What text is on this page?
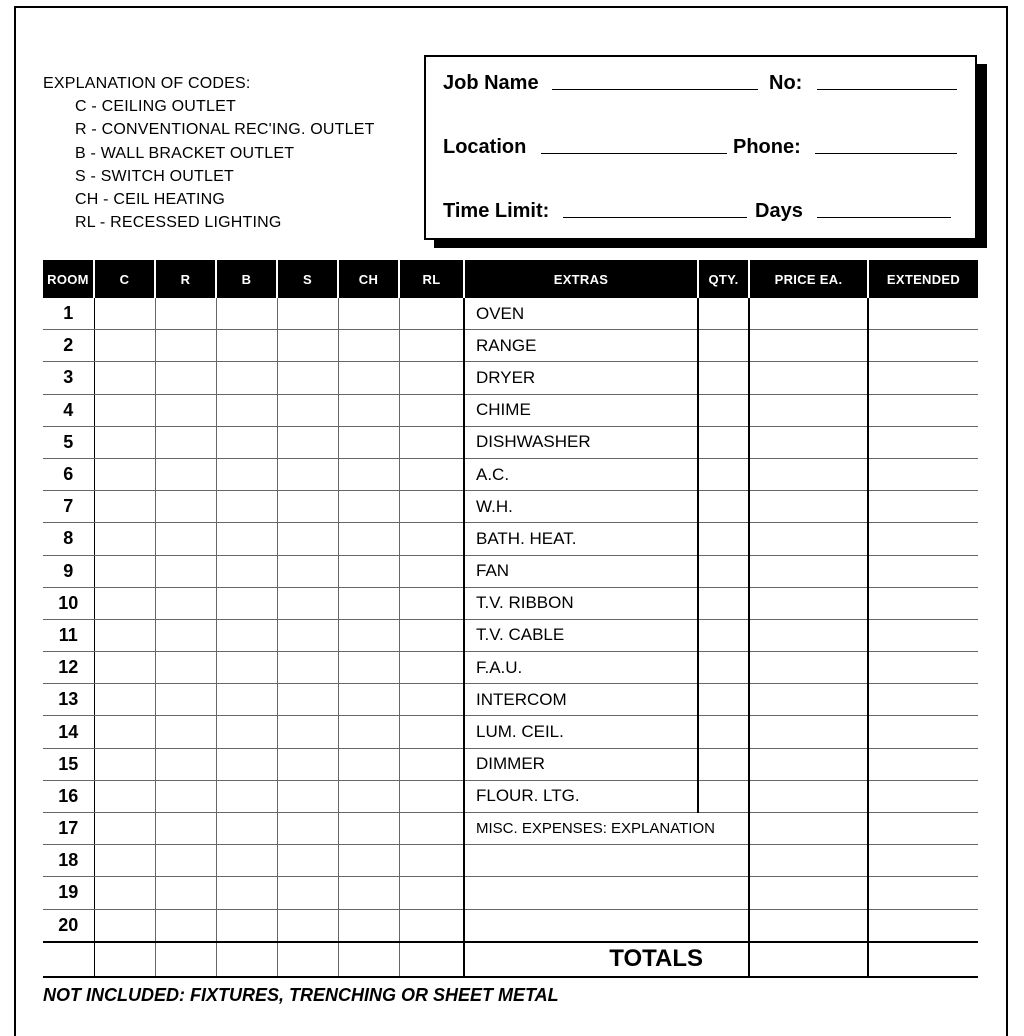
EXPLANATION OF CODES:
C - CEILING OUTLET
R - CONVENTIONAL REC'ING. OUTLET
B - WALL BRACKET OUTLET
S - SWITCH OUTLET
CH - CEIL HEATING
RL - RECESSED LIGHTING
Job Name	No:
Location	Phone:
Time Limit:	Days
ROOM	C	R	B	S	CH	RL	EXTRAS	QTY.	PRICE EA.	EXTENDED
1							OVEN			
2							RANGE			
3							DRYER			
4							CHIME			
5							DISHWASHER			
6							A.C.			
7							W.H.			
8							BATH. HEAT.			
9							FAN			
10							T.V. RIBBON			
11							T.V. CABLE			
12							F.A.U.			
13							INTERCOM			
14							LUM. CEIL.			
15							DIMMER			
16							FLOUR. LTG.			
17							MISC. EXPENSES: EXPLANATION			
18										
19										
20										
							TOTALS			
NOT INCLUDED: FIXTURES, TRENCHING OR SHEET METAL
